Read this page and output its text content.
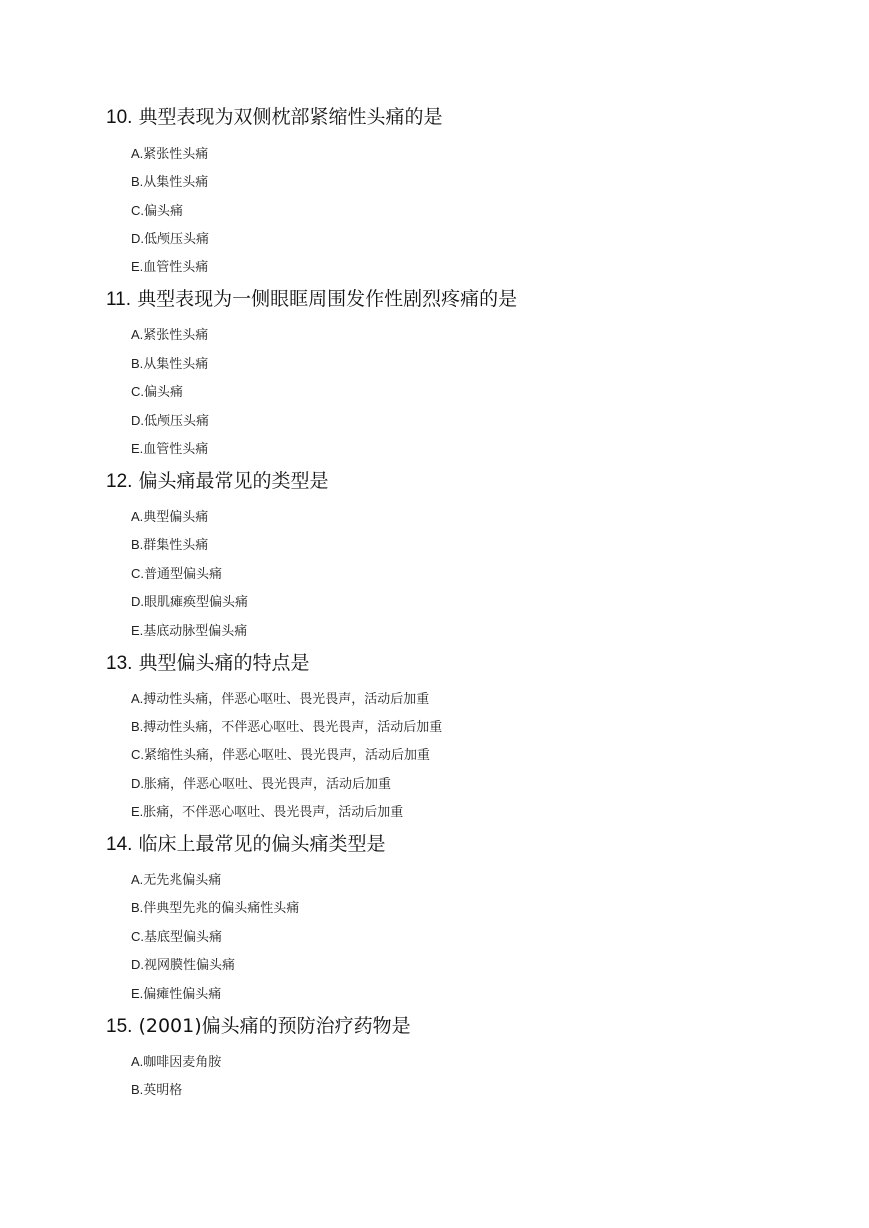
10. 典型表现为双侧枕部紧缩性头痛的是
A.紧张性头痛
B.从集性头痛
C.偏头痛
D.低颅压头痛
E.血管性头痛
11. 典型表现为一侧眼眶周围发作性剧烈疼痛的是
A.紧张性头痛
B.从集性头痛
C.偏头痛
D.低颅压头痛
E.血管性头痛
12. 偏头痛最常见的类型是
A.典型偏头痛
B.群集性头痛
C.普通型偏头痛
D.眼肌瘫痪型偏头痛
E.基底动脉型偏头痛
13. 典型偏头痛的特点是
A.搏动性头痛，伴恶心呕吐、畏光畏声，活动后加重
B.搏动性头痛，不伴恶心呕吐、畏光畏声，活动后加重
C.紧缩性头痛，伴恶心呕吐、畏光畏声，活动后加重
D.胀痛，伴恶心呕吐、畏光畏声，活动后加重
E.胀痛，不伴恶心呕吐、畏光畏声，活动后加重
14. 临床上最常见的偏头痛类型是
A.无先兆偏头痛
B.伴典型先兆的偏头痛性头痛
C.基底型偏头痛
D.视网膜性偏头痛
E.偏瘫性偏头痛
15. (2001)偏头痛的预防治疗药物是
A.咖啡因麦角胺
B.英明格
